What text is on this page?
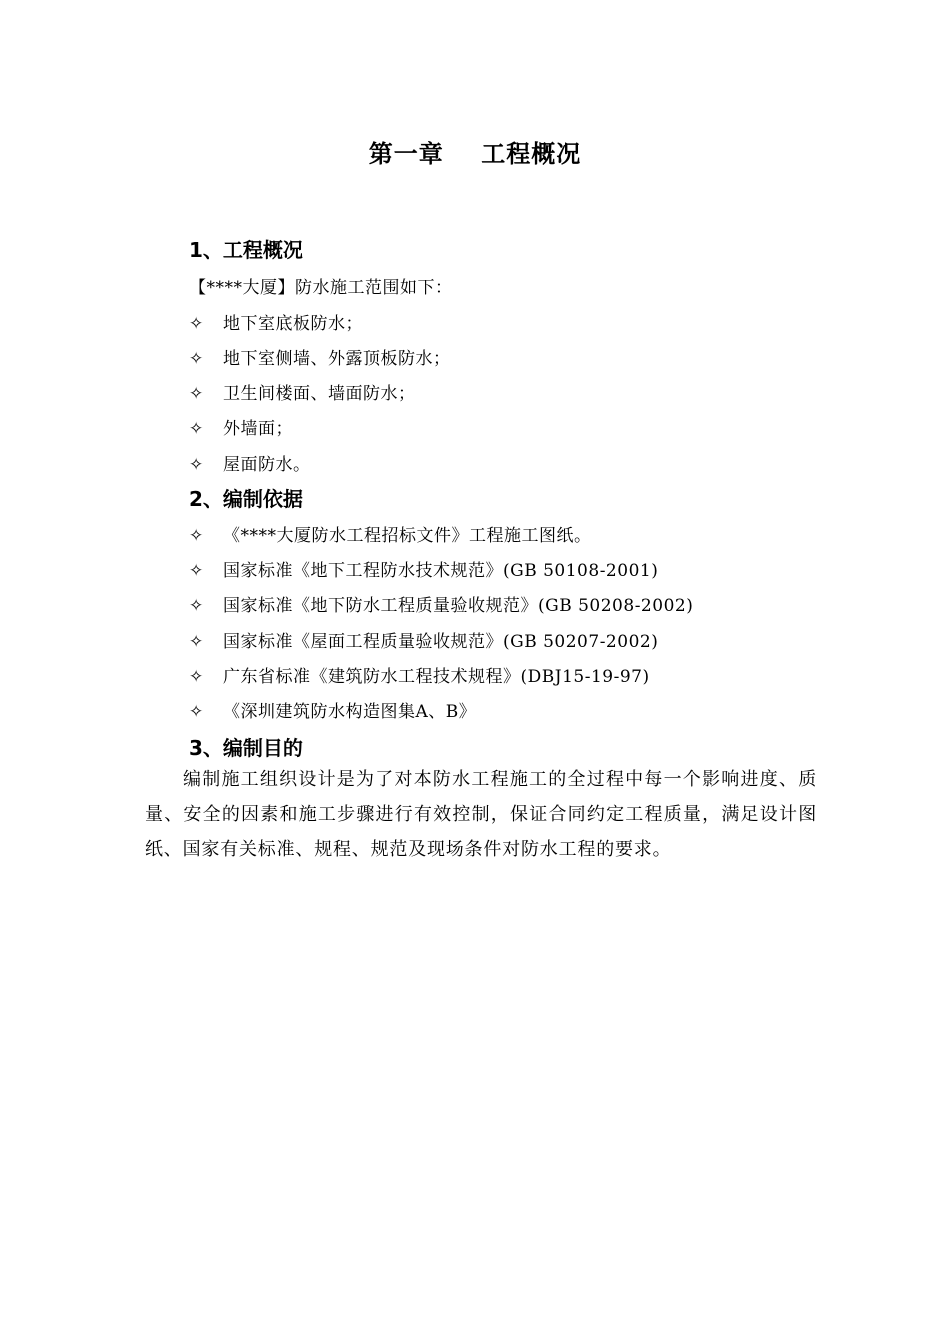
第一章    工程概况
1、工程概况
【****大厦】防水施工范围如下：
✧ 地下室底板防水；
✧ 地下室侧墙、外露顶板防水；
✧ 卫生间楼面、墙面防水；
✧ 外墙面；
✧ 屋面防水。
2、编制依据
✧ 《****大厦防水工程招标文件》工程施工图纸。
✧ 国家标准《地下工程防水技术规范》(GB 50108-2001)
✧ 国家标准《地下防水工程质量验收规范》(GB 50208-2002)
✧ 国家标准《屋面工程质量验收规范》(GB 50207-2002)
✧ 广东省标准《建筑防水工程技术规程》(DBJ15-19-97)
✧ 《深圳建筑防水构造图集A、B》
3、编制目的
编制施工组织设计是为了对本防水工程施工的全过程中每一个影响进度、质量、安全的因素和施工步骤进行有效控制，保证合同约定工程质量，满足设计图纸、国家有关标准、规程、规范及现场条件对防水工程的要求。
